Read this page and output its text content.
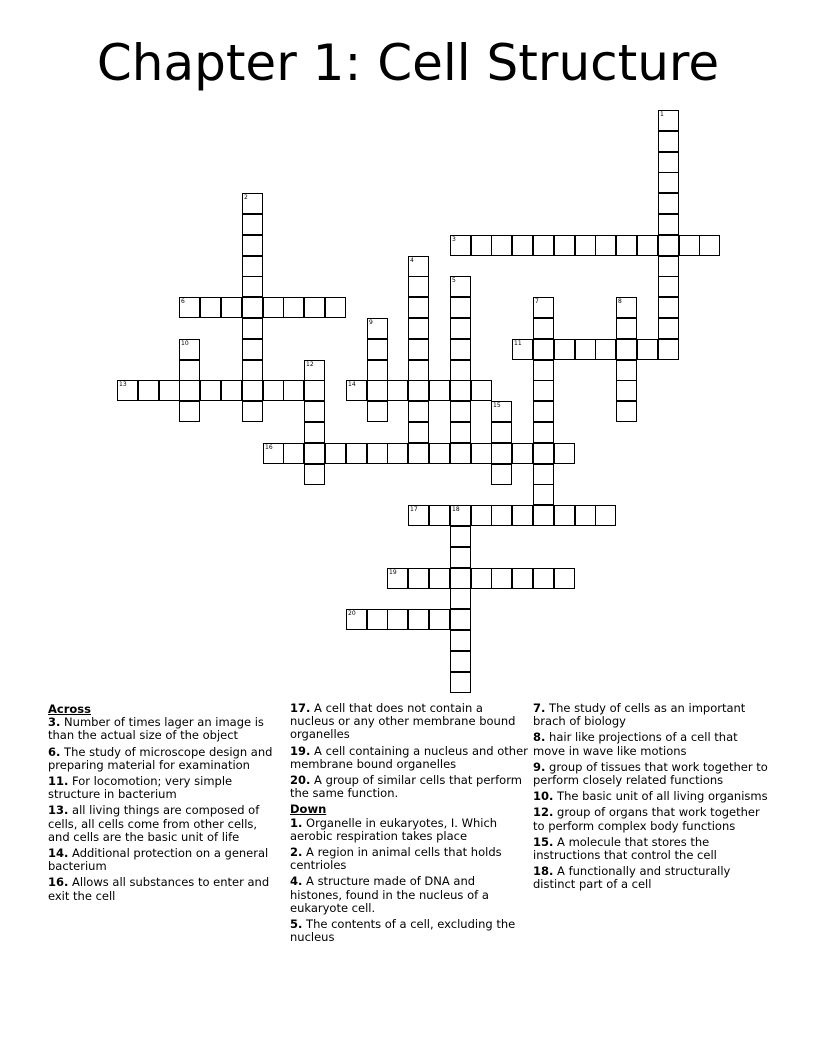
Chapter 1: Cell Structure
1
2
3
4
5
6	7	8
9
10	11
12
13	14
15
16
17	18
19
20
Across
3. Number of times lager an image is than the actual size of the object
6. The study of microscope design and preparing material for examination
11. For locomotion; very simple structure in bacterium
13. all living things are composed of cells, all cells come from other cells, and cells are the basic unit of life
14. Additional protection on a general bacterium
16. Allows all substances to enter and exit the cell
17. A cell that does not contain a nucleus or any other membrane bound organelles
19. A cell containing a nucleus and other membrane bound organelles
20. A group of similar cells that perform the same function.
Down
1. Organelle in eukaryotes, I. Which aerobic respiration takes place
2. A region in animal cells that holds centrioles
4. A structure made of DNA and histones, found in the nucleus of a eukaryote cell.
5. The contents of a cell, excluding the nucleus
7. The study of cells as an important brach of biology
8. hair like projections of a cell that move in wave like motions
9. group of tissues that work together to perform closely related functions
10. The basic unit of all living organisms
12. group of organs that work together to perform complex body functions
15. A molecule that stores the instructions that control the cell
18. A functionally and structurally distinct part of a cell
